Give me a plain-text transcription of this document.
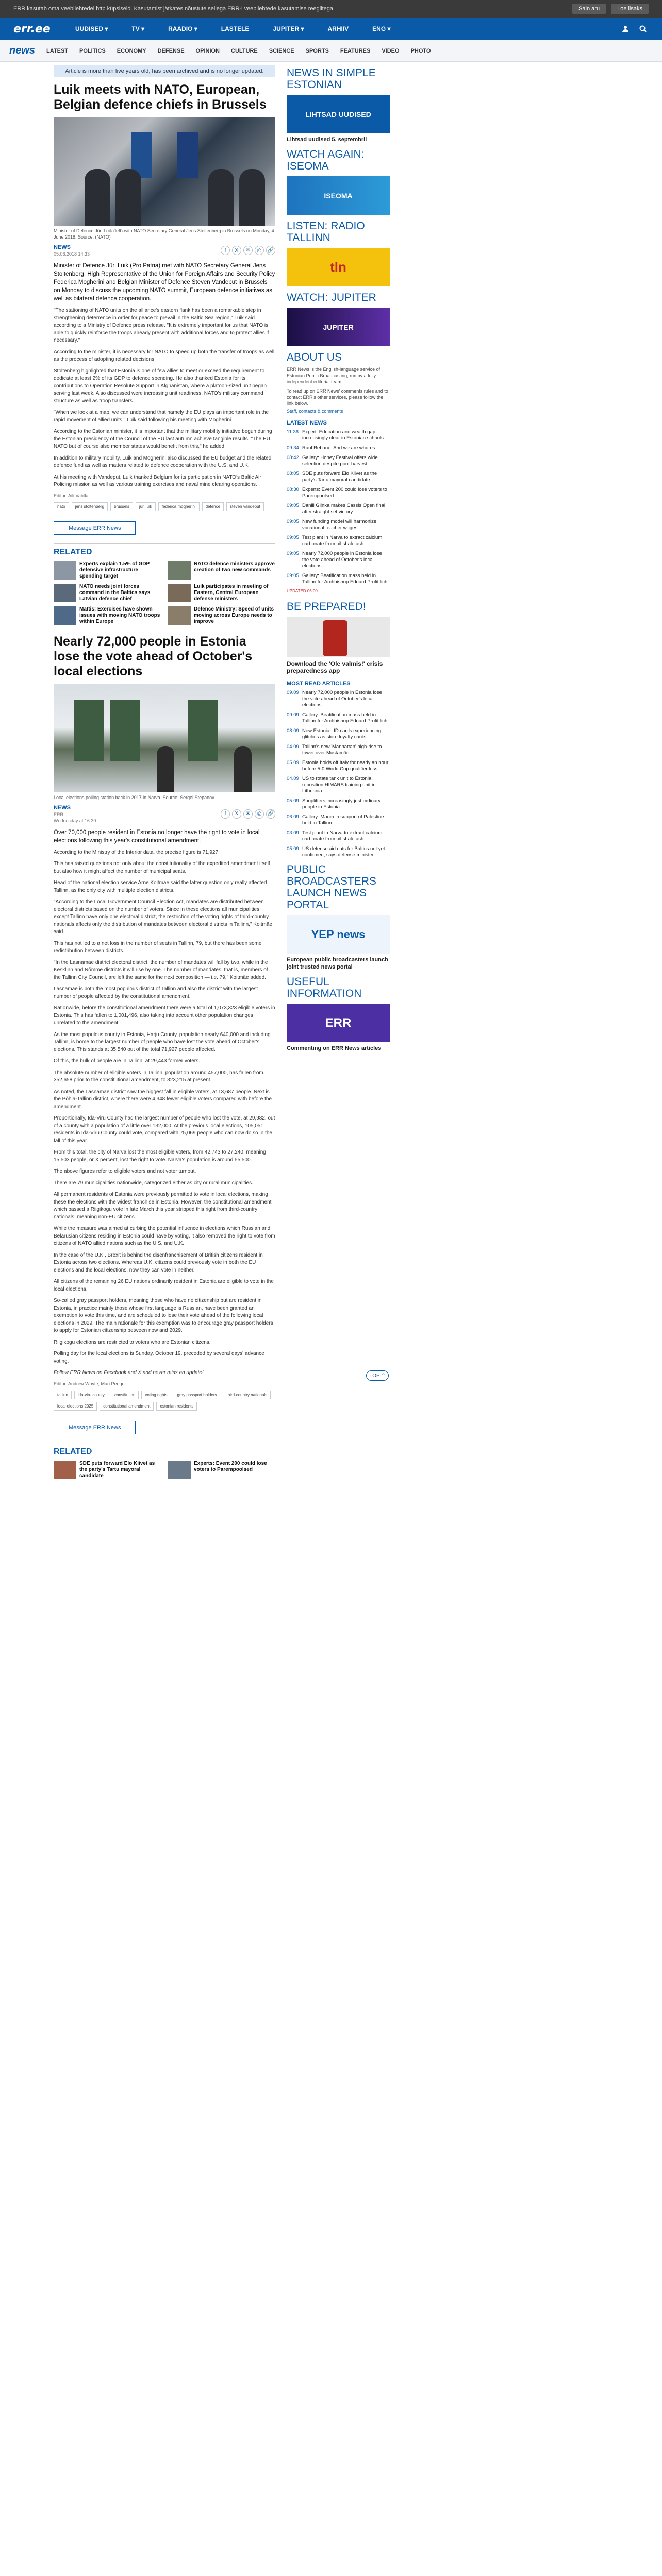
ERR kasutab oma veebilehtedel http küpsiseid. Kasutamist jätkates nõustute sellega ERR-i veebilehtede kasutamise reeglitega.	Sain aru	Loe lisaks
err.ee	UUDISED ▾	TV ▾	RAADIO ▾	LASTELE	JUPITER ▾	ARHIIV	ENG ▾
news LATEST POLITICS ECONOMY DEFENSE OPINION CULTURE SCIENCE SPORTS FEATURES VIDEO PHOTO
Article is more than five years old, has been archived and is no longer updated.
Luik meets with NATO, European, Belgian defence chiefs in Brussels
Minister of Defence Jüri Luik (left) with NATO Secretary General Jens Stoltenberg in Brussels on Monday, 4 June 2018. Source: (NATO)
NEWS
05.06.2018 14:33
f	X	✉	⎙	🔗

Minister of Defence Jüri Luik (Pro Patria) met with NATO Secretary General Jens Stoltenberg, High Representative of the Union for Foreign Affairs and Security Policy Federica Mogherini and Belgian Minister of Defence Steven Vandeput in Brussels on Monday to discuss the upcoming NATO summit, European defence initiatives as well as bilateral defence cooperation.

"The stationing of NATO units on the alliance's eastern flank has been a remarkable step in strengthening deterrence in order for peace to prevail in the Baltic Sea region," Luik said according to a Ministry of Defence press release. "It is extremely important for us that NATO is able to quickly reinforce the troops already present with additional forces and to protect allies if necessary."

According to the minister, it is necessary for NATO to speed up both the transfer of troops as well as the process of adopting related decisions.

Stoltenberg highlighted that Estonia is one of few allies to meet or exceed the requirement to dedicate at least 2% of its GDP to defence spending. He also thanked Estonia for its contributions to Operation Resolute Support in Afghanistan, where a platoon-sized unit began serving last week. Also discussed were increasing unit readiness, NATO's military command structure as well as troop transfers.

"When we look at a map, we can understand that namely the EU plays an important role in the rapid movement of allied units," Luik said following his meeting with Mogherini.

According to the Estonian minister, it is important that the military mobility initiative begun during the Estonian presidency of the Council of the EU last autumn achieve tangible results. "The EU, NATO but of course also member states would benefit from this," he added.

In addition to military mobility, Luik and Mogherini also discussed the EU budget and the related defence fund as well as matters related to defence cooperation with the U.S. and U.K.

At his meeting with Vandeput, Luik thanked Belgium for its participation in NATO's Baltic Air Policing mission as well as various training exercises and naval mine clearing operations.

Editor: Aili Vahtla
nato	jens stoltenberg	brussels	jüri luik	federica mogherini	defence	steven vandeput
Message ERR News
RELATED
Experts explain 1.5% of GDP defensive infrastructure spending target
NATO defence ministers approve creation of two new commands
NATO needs joint forces command in the Baltics says Latvian defence chief
Luik participates in meeting of Eastern, Central European defense ministers
Mattis: Exercises have shown issues with moving NATO troops within Europe
Defence Ministry: Speed of units moving across Europe needs to improve
Nearly 72,000 people in Estonia lose the vote ahead of October's local elections
Local elections polling station back in 2017 in Narva. Source: Sergei Stepanov
NEWS
ERR
Wednesday at 16:30
f	X	✉	⎙	🔗

Over 70,000 people resident in Estonia no longer have the right to vote in local elections following this year's constitutional amendment.

According to the Ministry of the Interior data, the precise figure is 71,927.

This has raised questions not only about the constitutionality of the expedited amendment itself, but also how it might affect the number of municipal seats.

Head of the national election service Arne Koitmäe said the latter question only really affected Tallinn, as the only city with multiple election districts.

"According to the Local Government Council Election Act, mandates are distributed between electoral districts based on the number of voters. Since in these elections all municipalities except Tallinn have only one electoral district, the restriction of the voting rights of third-country nationals affects only the distribution of mandates between electoral districts in Tallinn," Koitmäe said.

This has not led to a net loss in the number of seats in Tallinn, 79, but there has been some redistribution between districts.

"In the Lasnamäe district electoral district, the number of mandates will fall by two, while in the Kesklinn and Nõmme districts it will rise by one. The number of mandates, that is, members of the Tallinn City Council, are left the same for the next composition — i.e. 79," Koitmäe added.

Lasnamäe is both the most populous district of Tallinn and also the district with the largest number of people affected by the constitutional amendment.

Nationwide, before the constitutional amendment there were a total of 1,073,323 eligible voters in Estonia. This has fallen to 1,001,496, also taking into account other population changes unrelated to the amendment.

As the most populous county in Estonia, Harju County, population nearly 640,000 and including Tallinn, is home to the largest number of people who have lost the vote ahead of October's elections. This stands at 35,540 out of the total 71,927 people affected.

Of this, the bulk of people are in Tallinn, at 29,443 former voters.

The absolute number of eligible voters in Tallinn, population around 457,000, has fallen from 352,658 prior to the constitutional amendment, to 323,215 at present.

As noted, the Lasnamäe district saw the biggest fall in eligible voters, at 13,687 people. Next is the Põhja-Tallinn district, where there were 4,348 fewer eligible voters compared with before the amendment.

Proportionally, Ida-Viru County had the largest number of people who lost the vote, at 29,982, out of a county with a population of a little over 132,000. At the previous local elections, 105,051 residents in Ida-Viru County could vote, compared with 75,069 people who can now do so in the fall of this year.

From this total, the city of Narva lost the most eligible voters, from 42,743 to 27,240, meaning 15,503 people, or X percent, lost the right to vote. Narva's population is around 55,500.

The above figures refer to eligible voters and not voter turnout.

There are 79 municipalities nationwide, categorized either as city or rural municipalities.

All permanent residents of Estonia were previously permitted to vote in local elections, making these the elections with the widest franchise in Estonia. However, the constitutional amendment which passed a Riigikogu vote in late March this year stripped this right from third-country nationals, meaning non-EU citizens.

While the measure was aimed at curbing the potential influence in elections which Russian and Belarusian citizens residing in Estonia could have by voting, it also removed the right to vote from citizens of NATO allied nations such as the U.S. and U.K.

In the case of the U.K., Brexit is behind the disenfranchisement of British citizens resident in Estonia across two elections. Whereas U.K. citizens could previously vote in both the EU elections and the local elections, now they can vote in neither.

All citizens of the remaining 26 EU nations ordinarily resident in Estonia are eligible to vote in the local elections.

So-called gray passport holders, meaning those who have no citizenship but are resident in Estonia, in practice mainly those whose first language is Russian, have been granted an exemption to vote this time, and are scheduled to lose their vote ahead of the following local elections in 2029. The main rationale for this exemption was to encourage gray passport holders to apply for Estonian citizenship between now and 2029.

Riigikogu elections are restricted to voters who are Estonian citizens.

Polling day for the local elections is Sunday, October 19, preceded by several days' advance voting.

Follow ERR News on Facebook and X and never miss an update!

Editor: Andrew Whyte, Mari Peegel
tallinn	ida-viru county	constitution	voting rights	gray passport holders	third-country nationals
local elections 2025	constitutional amendment	estonian residents
Message ERR News
RELATED
SDE puts forward Elo Kiivet as the party's Tartu mayoral candidate
Experts: Event 200 could lose voters to Parempoolsed
NEWS IN SIMPLE ESTONIAN
LIHTSAD UUDISED
Lihtsad uudised 5. septembril
WATCH AGAIN: ISEOMA
ISEOMA
LISTEN: RADIO TALLINN
tln
WATCH: JUPITER
JUPITER
ABOUT US
ERR News is the English-language service of Estonian Public Broadcasting, run by a fully independent editorial team.
To read up on ERR News' comments rules and to contact ERR's other services, please follow the link below.
Staff, contacts & comments
LATEST NEWS
11:36 Expert: Education and wealth gap increasingly clear in Estonian schools
09:34 Raul Rebane: And we are whores …
08:42 Gallery: Honey Festival offers wide selection despite poor harvest
08:05 SDE puts forward Elo Kiivet as the party's Tartu mayoral candidate
08:30 Experts: Event 200 could lose voters to Parempoolsed
09:05 Daniil Glinka makes Cassis Open final after straight set victory
09:05 New funding model will harmonize vocational teacher wages
09:05 Test plant in Narva to extract calcium carbonate from oil shale ash
09:05 Nearly 72,000 people in Estonia lose the vote ahead of October's local elections
09:05 Gallery: Beatification mass held in Tallinn for Archbishop Eduard Profittlich
UPDATED 06:00
BE PREPARED!
Download the 'Ole valmis!' crisis preparedness app
MOST READ ARTICLES
09.09 Nearly 72,000 people in Estonia lose the vote ahead of October's local elections
09.09 Gallery: Beatification mass held in Tallinn for Archbishop Eduard Profittlich
08.09 New Estonian ID cards experiencing glitches as store loyalty cards
04.09 Tallinn's new 'Manhattan' high-rise to tower over Mustamäe
05.09 Estonia holds off Italy for nearly an hour before 5-0 World Cup qualifier loss
04.09 US to rotate tank unit to Estonia, reposition HIMARS training unit in Lithuania
05.09 Shoplifters increasingly just ordinary people in Estonia
06.09 Gallery: March in support of Palestine held in Tallinn
03.09 Test plant in Narva to extract calcium carbonate from oil shale ash
05.09 US defense aid cuts for Baltics not yet confirmed, says defense minister
PUBLIC BROADCASTERS LAUNCH NEWS PORTAL
YEP news
European public broadcasters launch joint trusted news portal
USEFUL INFORMATION
ERR
Commenting on ERR News articles
TOP ⌃
